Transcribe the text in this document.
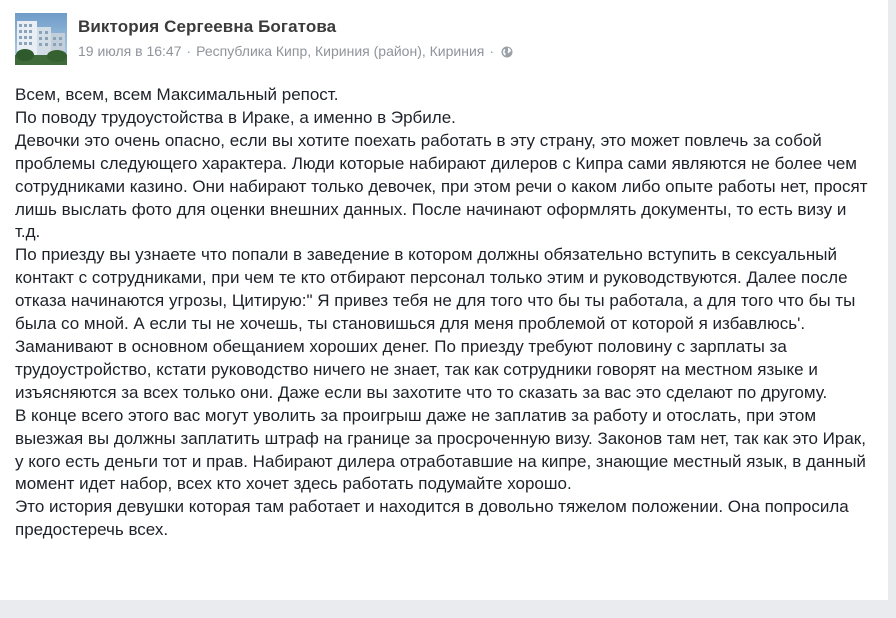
Виктория Сергеевна Богатова
19 июля в 16:47 · Республика Кипр, Кириния (район), Кириния ·

Всем, всем, всем Максимальный репост.

По поводу трудоустойства в Ираке, а именно в Эрбиле.

Девочки это очень опасно, если вы хотите поехать работать в эту страну, это может повлечь за собой проблемы следующего характера. Люди которые набирают дилеров с Кипра сами являются не более чем сотрудниками казино. Они набирают только девочек, при этом речи о каком либо опыте работы нет, просят лишь выслать фото для оценки внешних данных. После начинают оформлять документы, то есть визу и т.д.

По приезду вы узнаете что попали в заведение в котором должны обязательно вступить в сексуальный контакт с сотрудниками, при чем те кто отбирают персонал только этим и руководствуются. Далее после отказа начинаются угрозы, Цитирую:" Я привез тебя не для того что бы ты работала, а для того что бы ты была со мной. А если ты не хочешь, ты становишься для меня проблемой от которой я избавлюсь'.

Заманивают в основном обещанием хороших денег. По приезду требуют половину с зарплаты за трудоустройство, кстати руководство ничего не знает, так как сотрудники говорят на местном языке и изъясняются за всех только они. Даже если вы захотите что то сказать за вас это сделают по другому.

В конце всего этого вас могут уволить за проигрыш даже не заплатив за работу и отослать, при этом выезжая вы должны заплатить штраф на границе за просроченную визу. Законов там нет, так как это Ирак, у кого есть деньги тот и прав. Набирают дилера отработавшие на кипре, знающие местный язык, в данный момент идет набор, всех кто хочет здесь работать подумайте хорошо.

Это история девушки которая там работает и находится в довольно тяжелом положении. Она попросила предостеречь всех.
